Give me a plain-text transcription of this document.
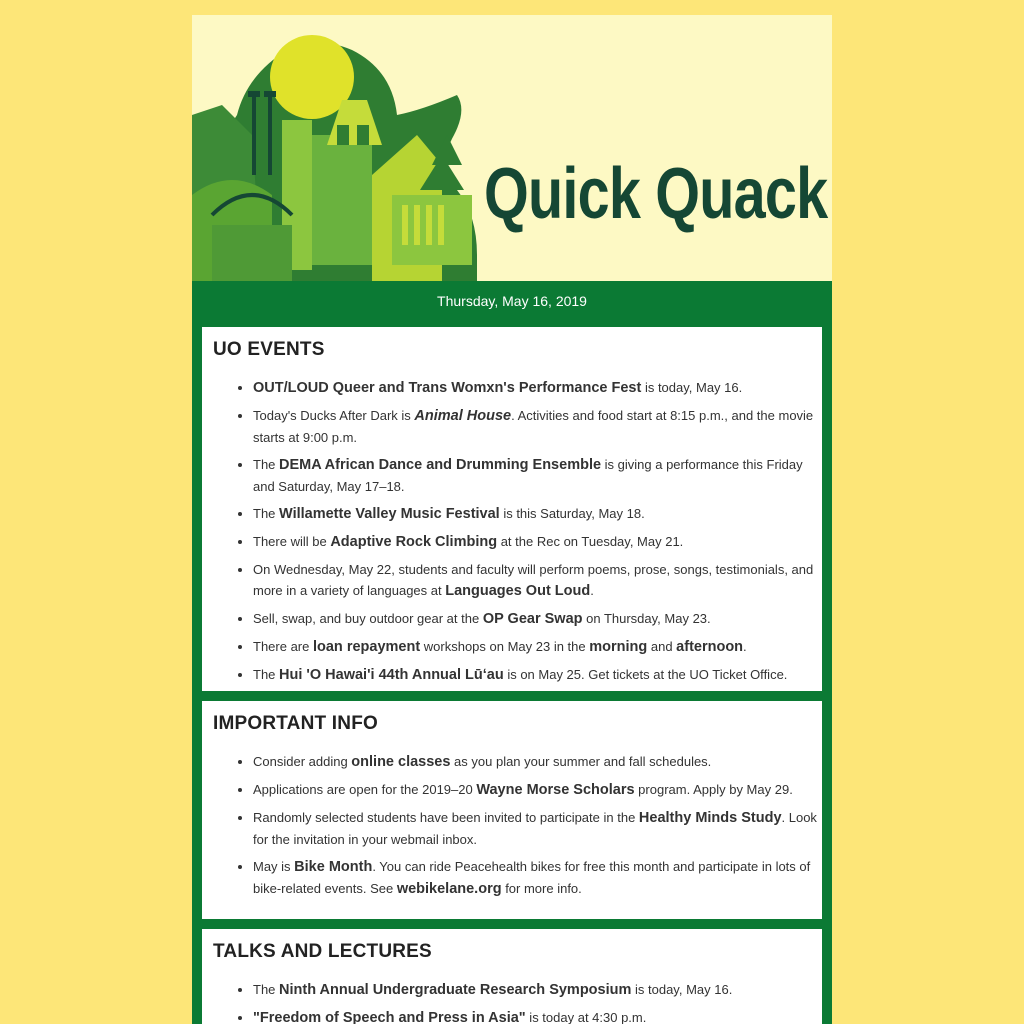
Quick Quack
Thursday, May 16, 2019
UO EVENTS
• OUT/LOUD Queer and Trans Womxn's Performance Fest is today, May 16.
• Today's Ducks After Dark is Animal House. Activities and food start at 8:15 p.m., and the movie starts at 9:00 p.m.
• The DEMA African Dance and Drumming Ensemble is giving a performance this Friday and Saturday, May 17–18.
• The Willamette Valley Music Festival is this Saturday, May 18.
• There will be Adaptive Rock Climbing at the Rec on Tuesday, May 21.
• On Wednesday, May 22, students and faculty will perform poems, prose, songs, testimonials, and more in a variety of languages at Languages Out Loud.
• Sell, swap, and buy outdoor gear at the OP Gear Swap on Thursday, May 23.
• There are loan repayment workshops on May 23 in the morning and afternoon.
• The Hui 'O Hawai'i 44th Annual Lūʻau is on May 25. Get tickets at the UO Ticket Office.
IMPORTANT INFO
• Consider adding online classes as you plan your summer and fall schedules.
• Applications are open for the 2019–20 Wayne Morse Scholars program. Apply by May 29.
• Randomly selected students have been invited to participate in the Healthy Minds Study. Look for the invitation in your webmail inbox.
• May is Bike Month. You can ride Peacehealth bikes for free this month and participate in lots of bike-related events. See webikelane.org for more info.
TALKS AND LECTURES
• The Ninth Annual Undergraduate Research Symposium is today, May 16.
• "Freedom of Speech and Press in Asia" is today at 4:30 p.m.
